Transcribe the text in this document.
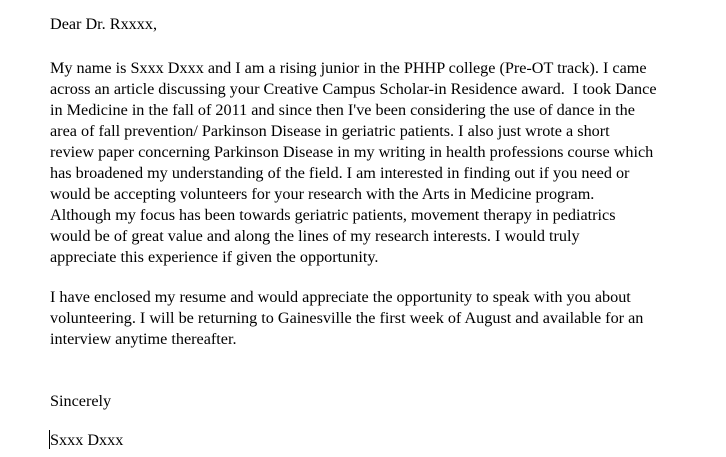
Dear Dr. Rxxxx,
My name is Sxxx Dxxx and I am a rising junior in the PHHP college (Pre-OT track). I came
across an article discussing your Creative Campus Scholar-in Residence award.  I took Dance
in Medicine in the fall of 2011 and since then I've been considering the use of dance in the
area of fall prevention/ Parkinson Disease in geriatric patients. I also just wrote a short
review paper concerning Parkinson Disease in my writing in health professions course which
has broadened my understanding of the field. I am interested in finding out if you need or
would be accepting volunteers for your research with the Arts in Medicine program.
Although my focus has been towards geriatric patients, movement therapy in pediatrics
would be of great value and along the lines of my research interests. I would truly
appreciate this experience if given the opportunity.
I have enclosed my resume and would appreciate the opportunity to speak with you about
volunteering. I will be returning to Gainesville the first week of August and available for an
interview anytime thereafter.
Sincerely
Sxxx Dxxx
